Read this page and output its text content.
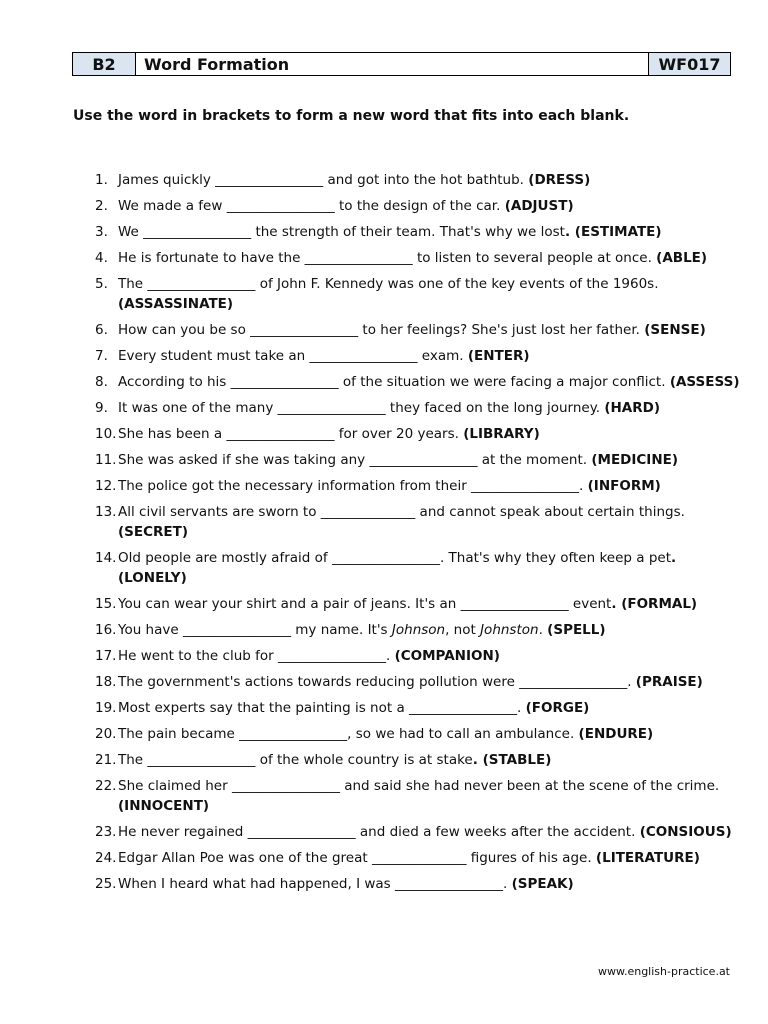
B2	Word Formation	WF017
Use the word in brackets to form a new word that fits into each blank.
1. James quickly ________________ and got into the hot bathtub. (DRESS)
2. We made a few ________________ to the design of the car. (ADJUST)
3. We ________________ the strength of their team. That's why we lost. (ESTIMATE)
4. He is fortunate to have the ________________ to listen to several people at once. (ABLE)
5. The ________________ of John F. Kennedy was one of the key events of the 1960s. (ASSASSINATE)
6. How can you be so ________________ to her feelings? She's just lost her father. (SENSE)
7. Every student must take an ________________ exam. (ENTER)
8. According to his ________________ of the situation we were facing a major conflict. (ASSESS)
9. It was one of the many ________________ they faced on the long journey. (HARD)
10. She has been a ________________ for over 20 years. (LIBRARY)
11. She was asked if she was taking any ________________ at the moment. (MEDICINE)
12. The police got the necessary information from their ________________. (INFORM)
13. All civil servants are sworn to ______________ and cannot speak about certain things. (SECRET)
14. Old people are mostly afraid of ________________. That's why they often keep a pet. (LONELY)
15. You can wear your shirt and a pair of jeans. It's an ________________ event. (FORMAL)
16. You have ________________ my name. It's Johnson, not Johnston. (SPELL)
17. He went to the club for ________________. (COMPANION)
18. The government's actions towards reducing pollution were ________________. (PRAISE)
19. Most experts say that the painting is not a ________________. (FORGE)
20. The pain became ________________, so we had to call an ambulance. (ENDURE)
21. The ________________ of the whole country is at stake. (STABLE)
22. She claimed her ________________ and said she had never been at the scene of the crime. (INNOCENT)
23. He never regained ________________ and died a few weeks after the accident. (CONSIOUS)
24. Edgar Allan Poe was one of the great ______________ figures of his age. (LITERATURE)
25. When I heard what had happened, I was ________________. (SPEAK)
www.english-practice.at
